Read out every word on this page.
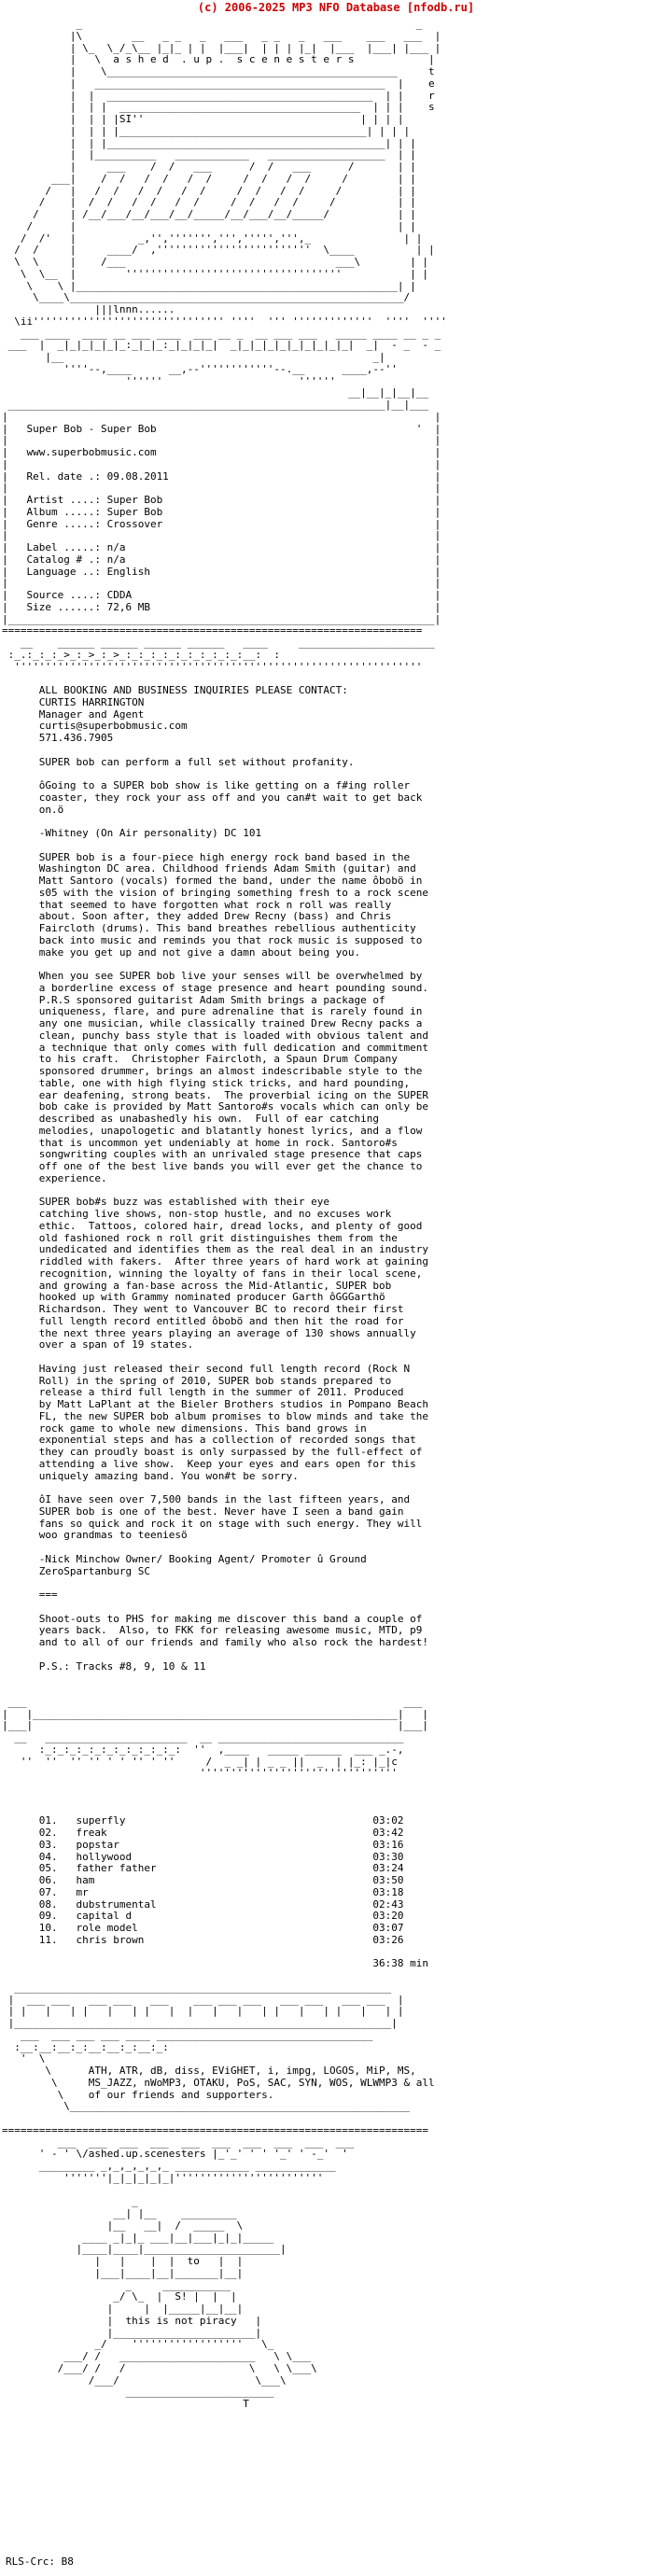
(c) 2006-2025 MP3 NFO Database [nfodb.ru]
_                                                      _
|\        __   _ _   _   ___   _ _   _   ___    ___   ___  |
| \_  \_/_\__ |_|_ | |  |___|  | | | |_|  |___  |___| |___ |
|   \  a s h e d  . u p .  s c e n e s t e r s            |
|    \_______________________________________________     t
|   _______________________________________________  |    e
|  |  ___________________________________________  | |    r
|  | |  _______________________________________  | | |    s
|  | | |SI''                                   | | | |
|  | | |________________________________________| | | |
|  | |_____________________________________________| | |
|  |__________   ____________   ___________________  | |
|     ___    /  /   ___      /  /   ___      /       | |
___|    /  /   /  /   /  /     /  /   /  /     /        | |
/   |   /  /   /  /   /  /     /  /   /  /     /         | |
/    |  /  /   /  /   /  /     /  /   /  /     /          | |
/     | /__/___/__/___/__/_____/__/___/__/_____/           | |
/      |                                                    | |
/  /'   |          _,'',''''''',''',''''',''',_               | |
/  /     |     ____/  ,'''''''''''''''''''''''''  \____          | |
\  \     |    /___                                  ___\        | |
\  \__  |        '''''''''''''''''''''''''''''''''''           | |
\    \ |____________________________________________________| |
\____\______________________________________________________/
|||lnnn......
\ii''''''''''''''''''''''''''''''' ''''  ''' '''''''''''''  ''''  ''''
___ ____  ____ __ ___ ____  ___ __ _  __ ___ ___   _____ ____ __ _ _
___  |  _|_|_|_|_|_:_|_|_:_|_|_|_|  _|_|_|_|_|_|_|_|_|_|  _|  - _  - _
|__                                                  _|
''''--,____      __,--''''''''''''--.__      ____,--''
''''''                      ''''''
__|__|_|__|__
_____________________________________________________________|__|___
|                                                                     |
|   Super Bob - Super Bob                                          '  |
|                                                                     |
|   www.superbobmusic.com                                             |
|                                                                     |
|   Rel. date .: 09.08.2011                                           |
|                                                                     |
|   Artist ....: Super Bob                                            |
|   Album .....: Super Bob                                            |
|   Genre .....: Crossover                                            |
|                                                                     |
|   Label .....: n/a                                                  |
|   Catalog # .: n/a                                                  |
|   Language ..: English                                              |
|                                                                     |
|   Source ....: CDDA                                                 |
|   Size ......: 72,6 MB                                              |
|_____________________________________________________________________|
====================================================================
__    ______ ______ ______ ______   ____     ______________________
:_.:_:_:_>_:_>_:_>_:_:_:_:_:_:_:_:_:_:__:  :
''''''''''''''''''''''''''''''''''''''''''''''''''''''''''''''''''

ALL BOOKING AND BUSINESS INQUIRIES PLEASE CONTACT:
CURTIS HARRINGTON
Manager and Agent
curtis@superbobmusic.com
571.436.7905

SUPER bob can perform a full set without profanity.

ôGoing to a SUPER bob show is like getting on a f#ing roller
coaster, they rock your ass off and you can#t wait to get back
on.ö

-Whitney (On Air personality) DC 101

SUPER bob is a four-piece high energy rock band based in the
Washington DC area. Childhood friends Adam Smith (guitar) and
Matt Santoro (vocals) formed the band, under the name ôbobö in
s05 with the vision of bringing something fresh to a rock scene
that seemed to have forgotten what rock n roll was really
about. Soon after, they added Drew Recny (bass) and Chris
Faircloth (drums). This band breathes rebellious authenticity
back into music and reminds you that rock music is supposed to
make you get up and not give a damn about being you.

When you see SUPER bob live your senses will be overwhelmed by
a borderline excess of stage presence and heart pounding sound.
P.R.S sponsored guitarist Adam Smith brings a package of
uniqueness, flare, and pure adrenaline that is rarely found in
any one musician, while classically trained Drew Recny packs a
clean, punchy bass style that is loaded with obvious talent and
a technique that only comes with full dedication and commitment
to his craft.  Christopher Faircloth, a Spaun Drum Company
sponsored drummer, brings an almost indescribable style to the
table, one with high flying stick tricks, and hard pounding,
ear deafening, strong beats.  The proverbial icing on the SUPER
bob cake is provided by Matt Santoro#s vocals which can only be
described as unabashedly his own.  Full of ear catching
melodies, unapologetic and blatantly honest lyrics, and a flow
that is uncommon yet undeniably at home in rock. Santoro#s
songwriting couples with an unrivaled stage presence that caps
off one of the best live bands you will ever get the chance to
experience.

SUPER bob#s buzz was established with their eye
catching live shows, non-stop hustle, and no excuses work
ethic.  Tattoos, colored hair, dread locks, and plenty of good
old fashioned rock n roll grit distinguishes them from the
undedicated and identifies them as the real deal in an industry
riddled with fakers.  After three years of hard work at gaining
recognition, winning the loyalty of fans in their local scene,
and growing a fan-base across the Mid-Atlantic, SUPER bob
hooked up with Grammy nominated producer Garth ôGGGarthö
Richardson. They went to Vancouver BC to record their first
full length record entitled ôbobö and then hit the road for
the next three years playing an average of 130 shows annually
over a span of 19 states.

Having just released their second full length record (Rock N
Roll) in the spring of 2010, SUPER bob stands prepared to
release a third full length in the summer of 2011. Produced
by Matt LaPlant at the Bieler Brothers studios in Pompano Beach
FL, the new SUPER bob album promises to blow minds and take the
rock game to whole new dimensions. This band grows in
exponential steps and has a collection of recorded songs that
they can proudly boast is only surpassed by the full-effect of
attending a live show.  Keep your eyes and ears open for this
uniquely amazing band. You won#t be sorry.

ôI have seen over 7,500 bands in the last fifteen years, and
SUPER bob is one of the best. Never have I seen a band gain
fans so quick and rock it on stage with such energy. They will
woo grandmas to teeniesö

-Nick Minchow Owner/ Booking Agent/ Promoter û Ground
ZeroSpartanburg SC

===

Shoot-outs to PHS for making me discover this band a couple of
years back.  Also, to FKK for releasing awesome music, MTD, p9
and to all of our friends and family who also rock the hardest!

P.S.: Tracks #8, 9, 10 & 11

___                                                             ___
|   |___________________________________________________________|   |
|___|                                                           |___|
__   _______________________  __ ______________________________
:_:_:_:_:_:_:_:_:_:_:_:  ''  ,____   _____ ______  ___ _.-,
''  ''  '' '' ' ' '' ' ''     /  _ _| | _ _ ||  _  | |_: |_|c
''''''''''''''''''''''''''''''''

01.   superfly                                        03:02
02.   freak                                           03:42
03.   popstar                                         03:16
04.   hollywood                                       03:30
05.   father father                                   03:24
06.   ham                                             03:50
07.   mr                                              03:18
08.   dubstrumental                                   02:43
09.   capital d                                       03:20
10.   role model                                      03:07
11.   chris brown                                     03:26

36:38 min

_____________________________________________________________
|  ___ ___   ___ ___   ___    ___ ___ ___   ___ ___   ___ ___  |
| |   |   | |   |   | |   |  |   |   |   | |   |   | |   |   | |
|_____________________________________________________________|
___  ___ ___ ___ ____ ___________________________________
:__:__:__:_:__:__:_:__:_:
'  \
\      ATH, ATR, dB, diss, EViGHET, i, impg, LOGOS, MiP, MS,
\     MS_JAZZ, nWoMP3, OTAKU, PoS, SAC, SYN, WOS, WLWMP3 & all
\    of our friends and supporters.
\_______________________________________________________

=====================================================================
___  ___  ___  ___  ___  ___  ___  ___  ___  ___
' - ' \/ashed.up.scenesters |_'_' ' ' '_' ' -_'  '
_________ _,_,_,_,_,_ ____________ _____________
'''''''|_|_|_|_|_|''''''''''''''''''''''''

_
__| |__    _________
|__   __|  /  _____  \
____ _|_|_ ___|__|___|_|_|_____
|____|____|______________________|
|   |    |  |  to   |  |
|___|____|__|_______|__|
_     ___________
_/ \_  |  S! |  |  |
|     |  |_____|__|__|
|  this is not piracy   |
|_______________________|
_/    ''''''''''''''''''   \_
___/ /   ______________________   \ \___
/___/ /   /                    \   \ \___\
/___/                      \___\
________________________
T
RLS-Crc: B8
